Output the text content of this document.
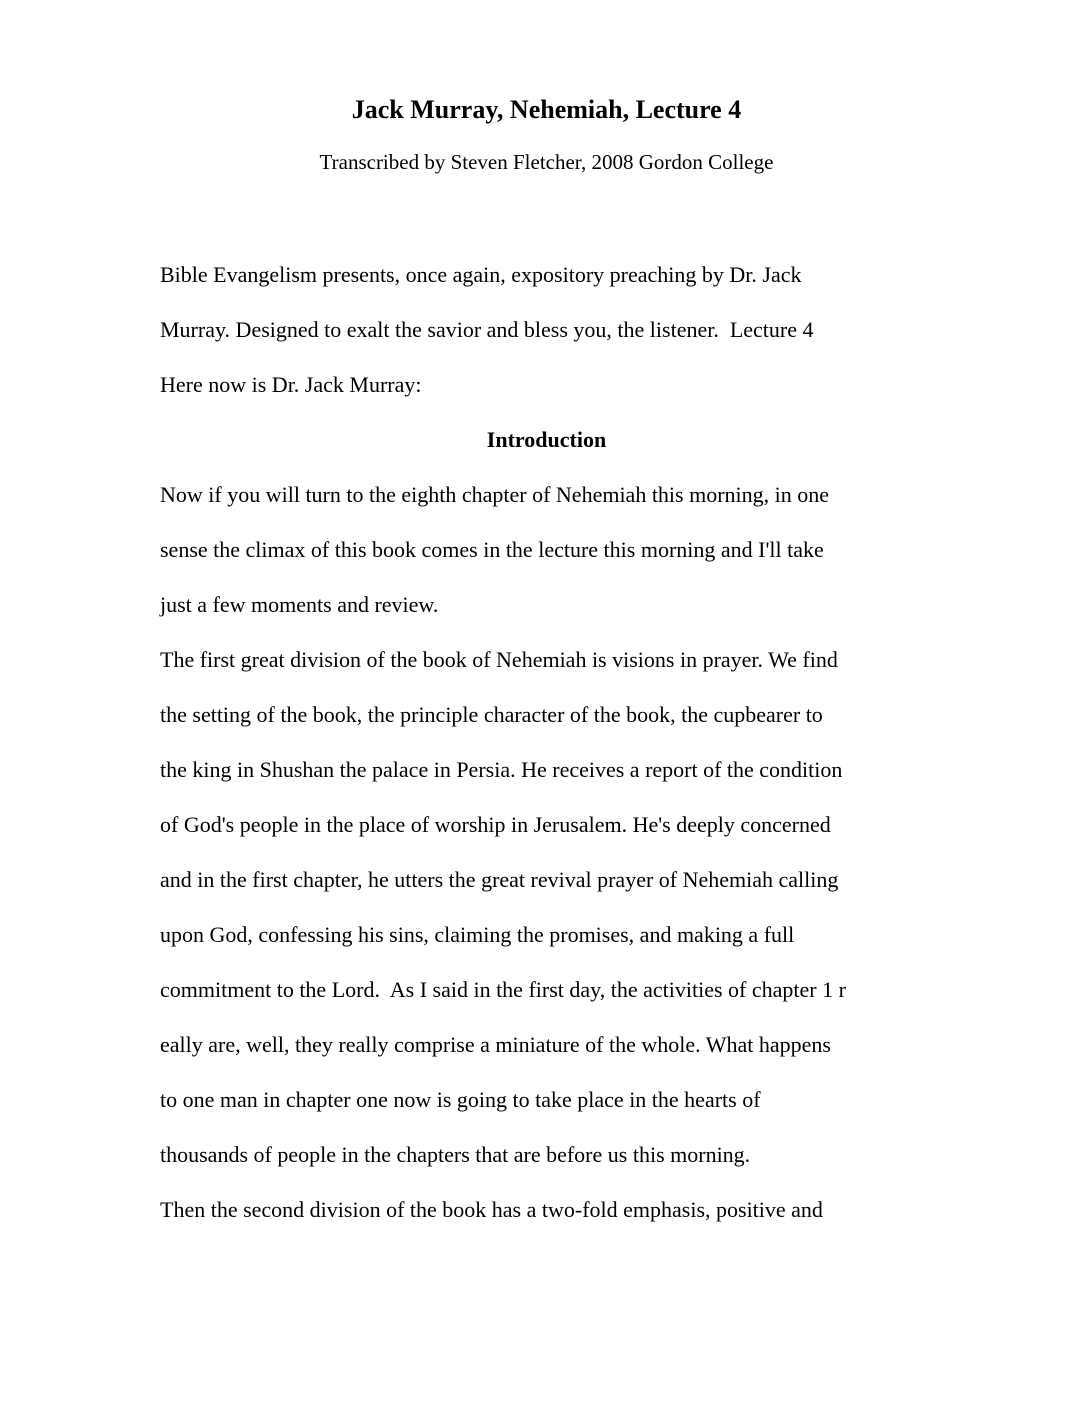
Jack Murray, Nehemiah, Lecture 4
Transcribed by Steven Fletcher, 2008 Gordon College
Bible Evangelism presents, once again, expository preaching by Dr. Jack
Murray. Designed to exalt the savior and bless you, the listener.  Lecture 4
Here now is Dr. Jack Murray:
Introduction
Now if you will turn to the eighth chapter of Nehemiah this morning, in one
sense the climax of this book comes in the lecture this morning and I'll take
just a few moments and review.
The first great division of the book of Nehemiah is visions in prayer. We find
the setting of the book, the principle character of the book, the cupbearer to
the king in Shushan the palace in Persia. He receives a report of the condition
of God's people in the place of worship in Jerusalem. He's deeply concerned
and in the first chapter, he utters the great revival prayer of Nehemiah calling
upon God, confessing his sins, claiming the promises, and making a full
commitment to the Lord.  As I said in the first day, the activities of chapter 1 r
eally are, well, they really comprise a miniature of the whole. What happens
to one man in chapter one now is going to take place in the hearts of
thousands of people in the chapters that are before us this morning.
Then the second division of the book has a two-fold emphasis, positive and
